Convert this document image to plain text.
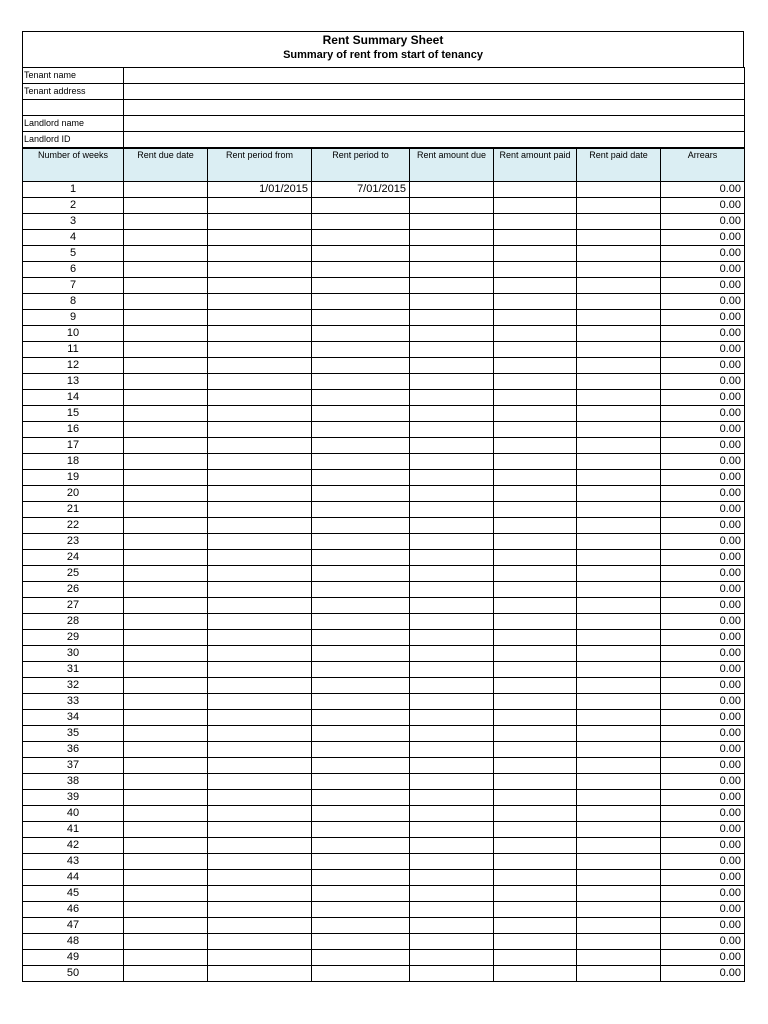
Rent Summary Sheet
Summary of rent from start of tenancy
Tenant name	
Tenant address	

Landlord name	
Landlord ID	
Number of weeks	Rent due date	Rent period from	Rent period to	Rent amount due	Rent amount paid	Rent paid date	Arrears
1		1/01/2015	7/01/2015				0.00
2							0.00
3							0.00
4							0.00
5							0.00
6							0.00
7							0.00
8							0.00
9							0.00
10							0.00
11							0.00
12							0.00
13							0.00
14							0.00
15							0.00
16							0.00
17							0.00
18							0.00
19							0.00
20							0.00
21							0.00
22							0.00
23							0.00
24							0.00
25							0.00
26							0.00
27							0.00
28							0.00
29							0.00
30							0.00
31							0.00
32							0.00
33							0.00
34							0.00
35							0.00
36							0.00
37							0.00
38							0.00
39							0.00
40							0.00
41							0.00
42							0.00
43							0.00
44							0.00
45							0.00
46							0.00
47							0.00
48							0.00
49							0.00
50							0.00
